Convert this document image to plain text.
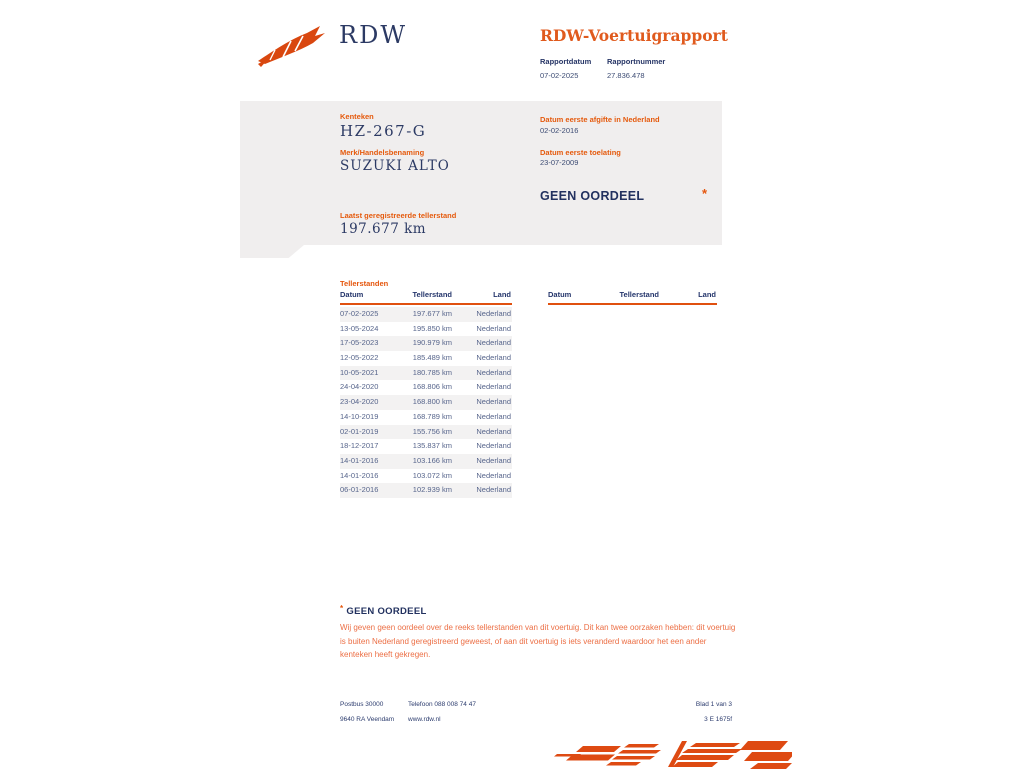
RDW	RDW-Voertuigrapport
Rapportdatum
07-02-2025
Rapportnummer
27.836.478
Kenteken
HZ-267-G
Merk/Handelsbenaming
SUZUKI ALTO
Laatst geregistreerde tellerstand
197.677 km
Datum eerste afgifte in Nederland
02-02-2016
Datum eerste toelating
23-07-2009
GEEN OORDEEL	*
Tellerstanden
Datum	Tellerstand	Land
07-02-2025	197.677 km	Nederland
13-05-2024	195.850 km	Nederland
17-05-2023	190.979 km	Nederland
12-05-2022	185.489 km	Nederland
10-05-2021	180.785 km	Nederland
24-04-2020	168.806 km	Nederland
23-04-2020	168.800 km	Nederland
14-10-2019	168.789 km	Nederland
02-01-2019	155.756 km	Nederland
18-12-2017	135.837 km	Nederland
14-01-2016	103.166 km	Nederland
14-01-2016	103.072 km	Nederland
06-01-2016	102.939 km	Nederland
Datum	Tellerstand	Land
* GEEN OORDEEL
Wij geven geen oordeel over de reeks tellerstanden van dit voertuig. Dit kan twee oorzaken hebben: dit voertuig is buiten Nederland geregistreerd geweest, of aan dit voertuig is iets veranderd waardoor het een ander kenteken heeft gekregen.
Postbus 30000
9640 RA Veendam
Telefoon 088 008 74 47
www.rdw.nl
Blad 1 van 3
3 E 1675f
